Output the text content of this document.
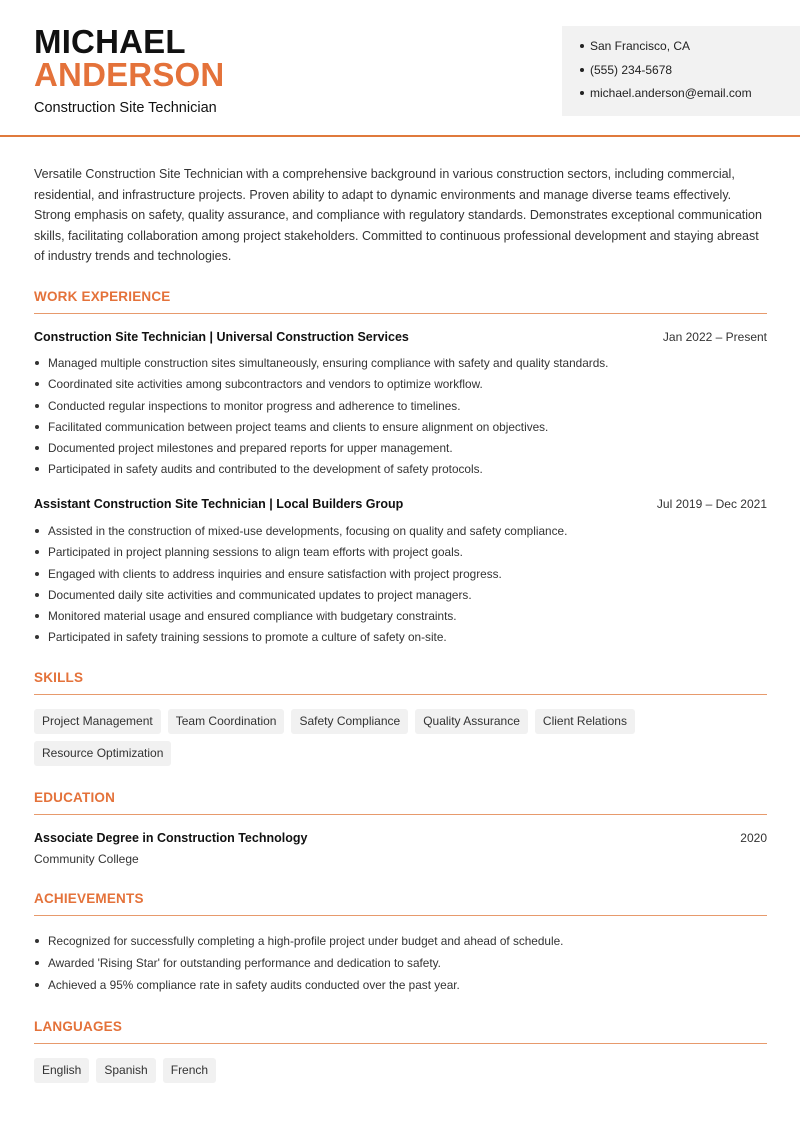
MICHAEL
ANDERSON
Construction Site Technician
San Francisco, CA
(555) 234-5678
michael.anderson@email.com
Versatile Construction Site Technician with a comprehensive background in various construction sectors, including commercial, residential, and infrastructure projects. Proven ability to adapt to dynamic environments and manage diverse teams effectively. Strong emphasis on safety, quality assurance, and compliance with regulatory standards. Demonstrates exceptional communication skills, facilitating collaboration among project stakeholders. Committed to continuous professional development and staying abreast of industry trends and technologies.
WORK EXPERIENCE
Construction Site Technician | Universal Construction Services	Jan 2022 – Present
Managed multiple construction sites simultaneously, ensuring compliance with safety and quality standards.
Coordinated site activities among subcontractors and vendors to optimize workflow.
Conducted regular inspections to monitor progress and adherence to timelines.
Facilitated communication between project teams and clients to ensure alignment on objectives.
Documented project milestones and prepared reports for upper management.
Participated in safety audits and contributed to the development of safety protocols.
Assistant Construction Site Technician | Local Builders Group	Jul 2019 – Dec 2021
Assisted in the construction of mixed-use developments, focusing on quality and safety compliance.
Participated in project planning sessions to align team efforts with project goals.
Engaged with clients to address inquiries and ensure satisfaction with project progress.
Documented daily site activities and communicated updates to project managers.
Monitored material usage and ensured compliance with budgetary constraints.
Participated in safety training sessions to promote a culture of safety on-site.
SKILLS
Project Management	Team Coordination	Safety Compliance	Quality Assurance	Client Relations
Resource Optimization
EDUCATION
Associate Degree in Construction Technology	2020
Community College
ACHIEVEMENTS
Recognized for successfully completing a high-profile project under budget and ahead of schedule.
Awarded 'Rising Star' for outstanding performance and dedication to safety.
Achieved a 95% compliance rate in safety audits conducted over the past year.
LANGUAGES
English	Spanish	French
